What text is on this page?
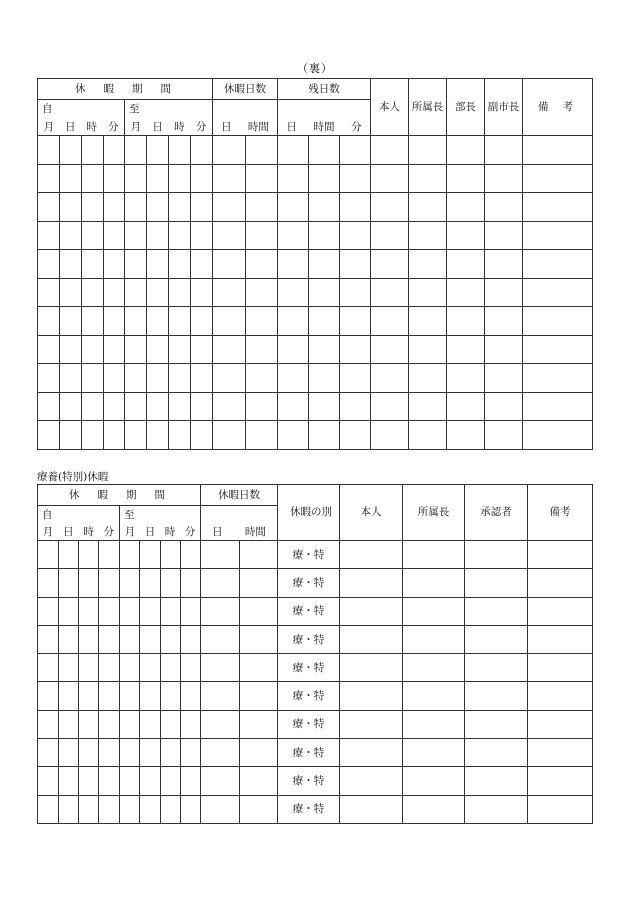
（裏）
休暇期間								休暇日数		残日数			本人	所属長	部長	副市長	備考

自
月 日 時 分				至
月 日 時 分				日 時間		日 時間 分							

療養(特別)休暇
休暇期間								休暇日数		休暇の別	本人	所属長	承認者	備考

自
月 日 時 分				至
月 日 時 分				日 時間						

										療・特				
										療・特				
										療・特				
										療・特				
										療・特				
										療・特				
										療・特				
										療・特				
										療・特				
										療・特				
